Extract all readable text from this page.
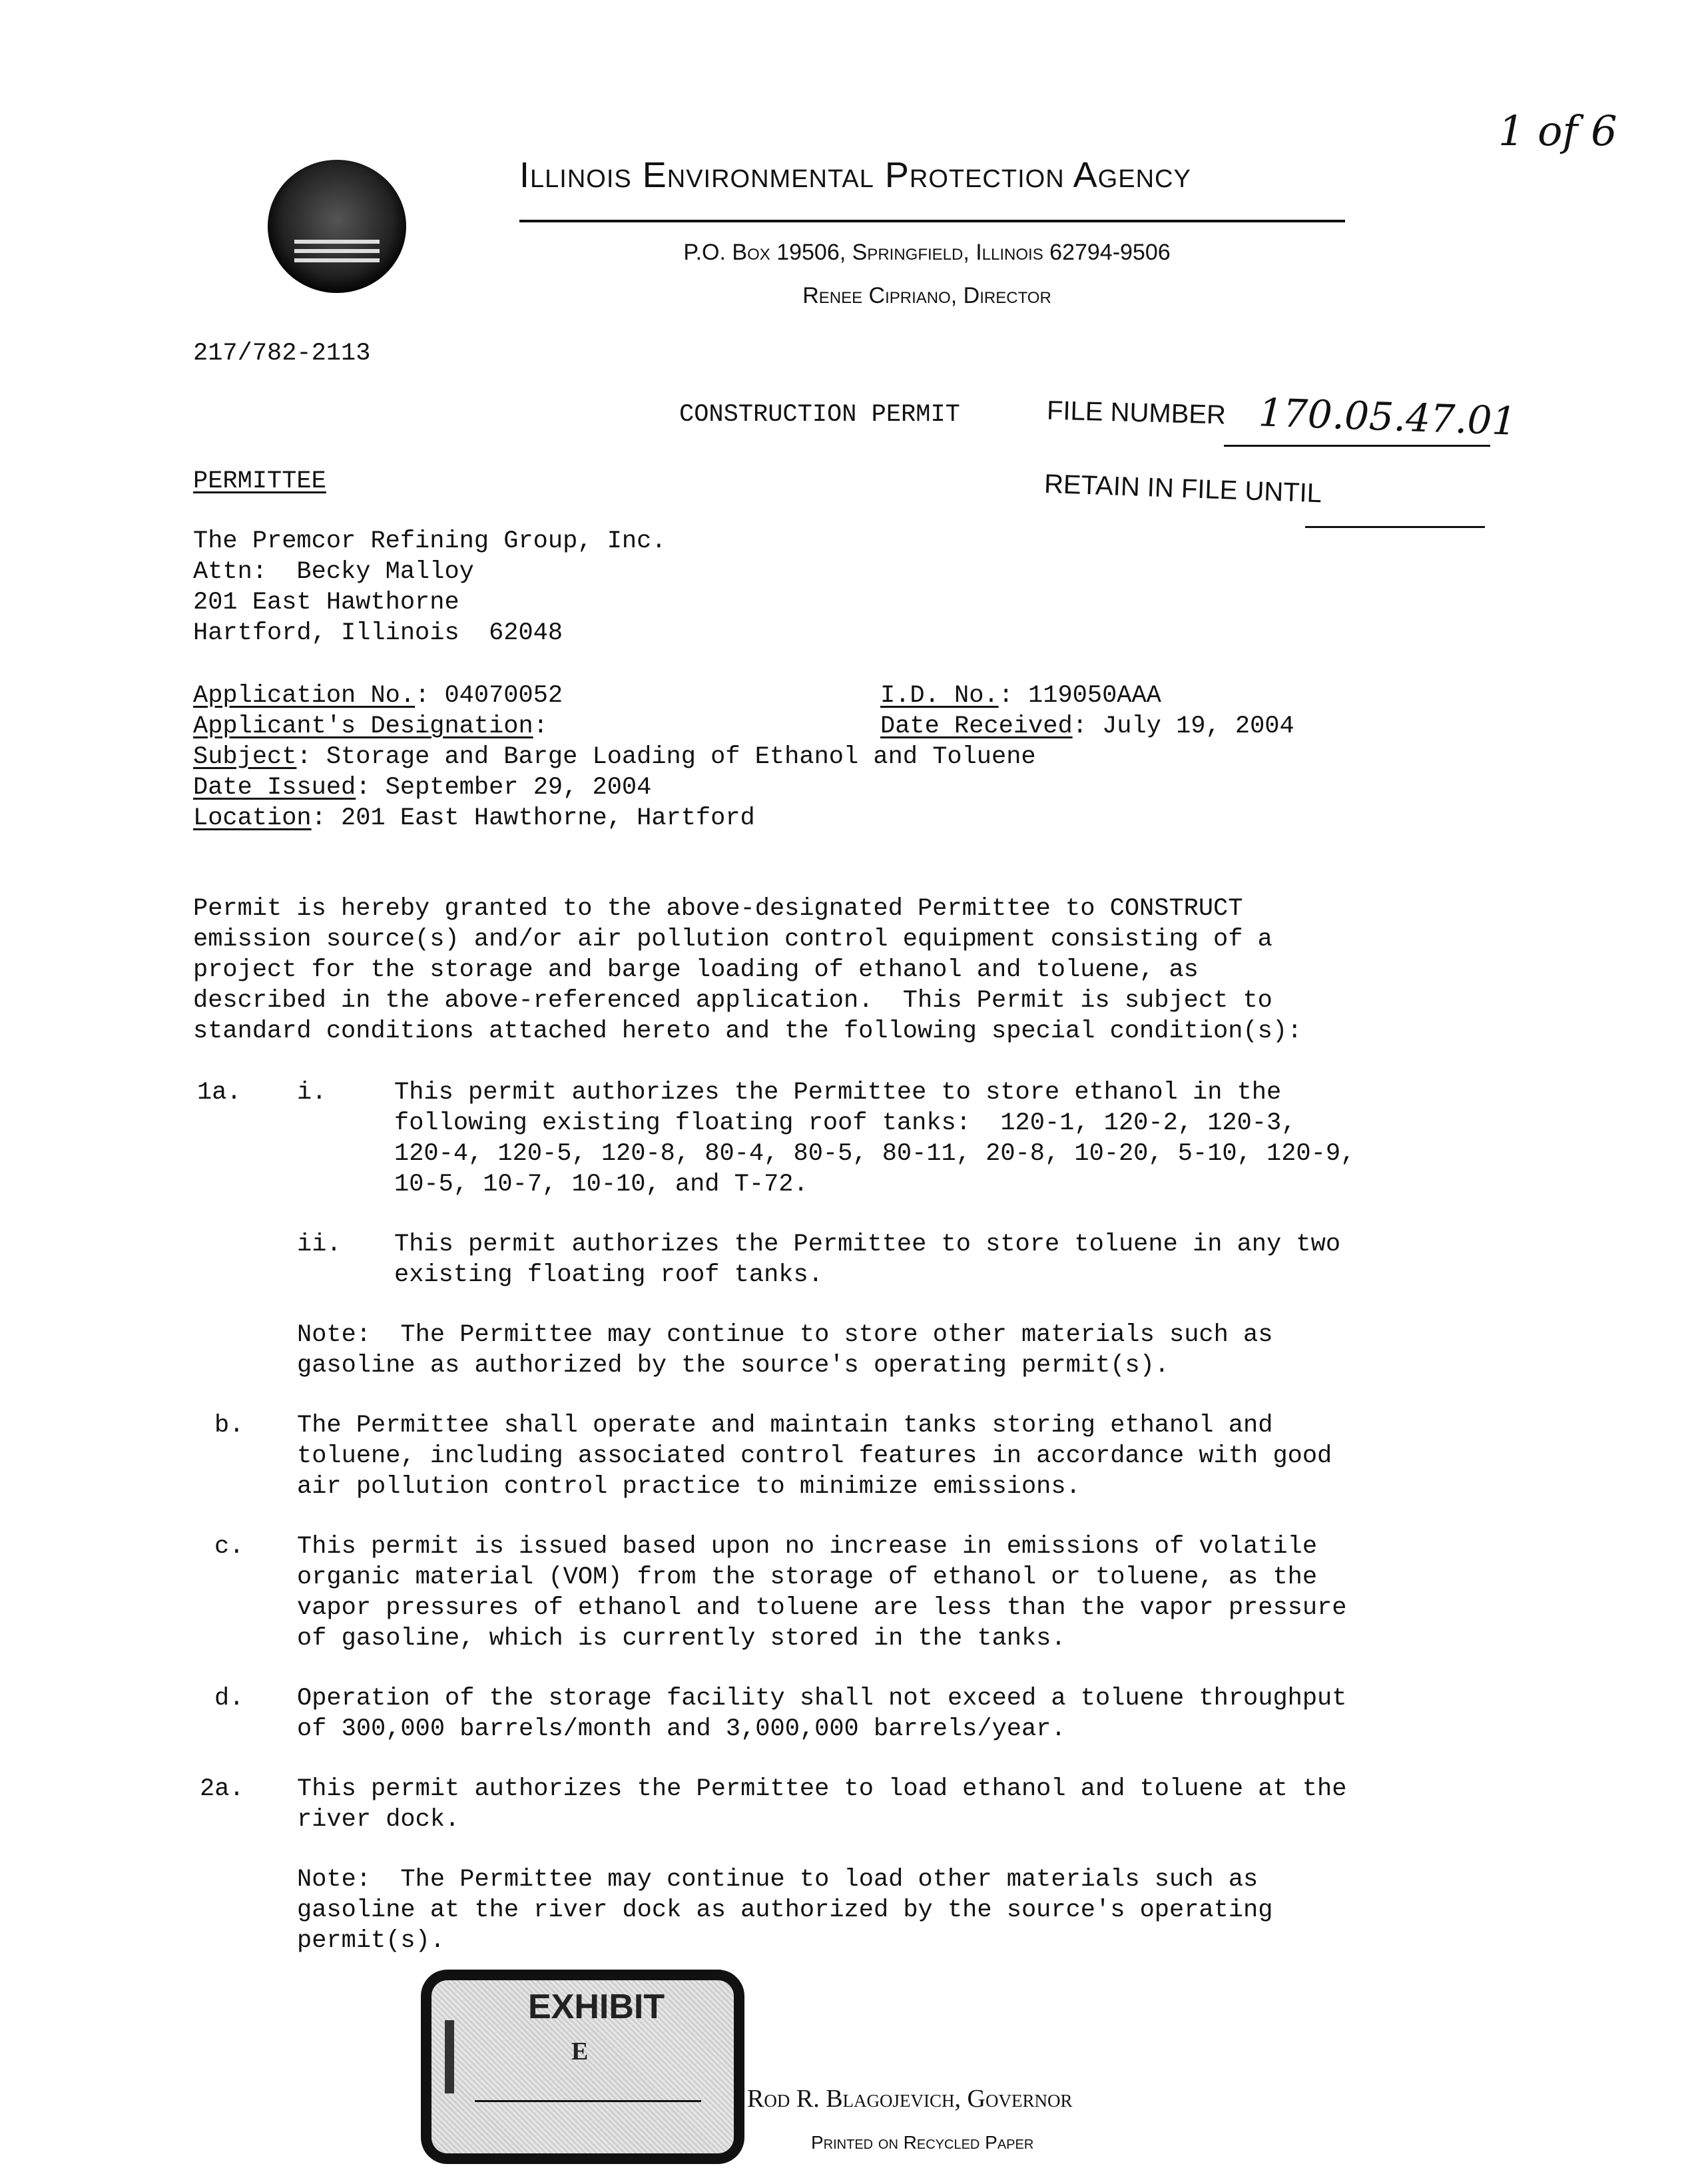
1 of 6
Illinois Environmental Protection Agency
P.O. Box 19506, Springfield, Illinois 62794-9506
Renee Cipriano, Director
217/782-2113
CONSTRUCTION PERMIT	FILE NUMBER 170.05.47.01
RETAIN IN FILE UNTIL
PERMITTEE
The Premcor Refining Group, Inc.
Attn:  Becky Malloy
201 East Hawthorne
Hartford, Illinois  62048
Application No.: 04070052	I.D. No.: 119050AAA
Applicant's Designation:	Date Received: July 19, 2004
Subject: Storage and Barge Loading of Ethanol and Toluene
Date Issued: September 29, 2004
Location: 201 East Hawthorne, Hartford
Permit is hereby granted to the above-designated Permittee to CONSTRUCT
emission source(s) and/or air pollution control equipment consisting of a
project for the storage and barge loading of ethanol and toluene, as
described in the above-referenced application.  This Permit is subject to
standard conditions attached hereto and the following special condition(s):
1a. i.	This permit authorizes the Permittee to store ethanol in the
following existing floating roof tanks:  120-1, 120-2, 120-3,
120-4, 120-5, 120-8, 80-4, 80-5, 80-11, 20-8, 10-20, 5-10, 120-9,
10-5, 10-7, 10-10, and T-72.
ii. This permit authorizes the Permittee to store toluene in any two
existing floating roof tanks.
Note:  The Permittee may continue to store other materials such as
gasoline as authorized by the source's operating permit(s).
b. The Permittee shall operate and maintain tanks storing ethanol and
toluene, including associated control features in accordance with good
air pollution control practice to minimize emissions.
c. This permit is issued based upon no increase in emissions of volatile
organic material (VOM) from the storage of ethanol or toluene, as the
vapor pressures of ethanol and toluene are less than the vapor pressure
of gasoline, which is currently stored in the tanks.
d. Operation of the storage facility shall not exceed a toluene throughput
of 300,000 barrels/month and 3,000,000 barrels/year.
2a. This permit authorizes the Permittee to load ethanol and toluene at the
river dock.
Note:  The Permittee may continue to load other materials such as
gasoline at the river dock as authorized by the source's operating
permit(s).
EXHIBIT
E
Rod R. Blagojevich, Governor
Printed on Recycled Paper
